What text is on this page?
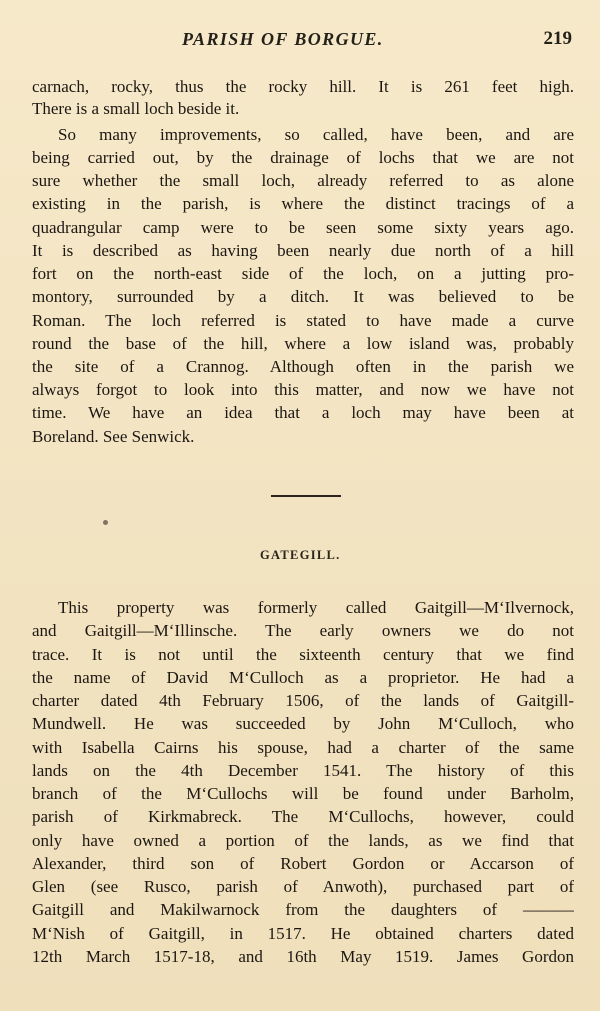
PARISH OF BORGUE.	219
carnach, rocky, thus the rocky hill. It is 261 feet high.
There is a small loch beside it.
So many improvements, so called, have been, and are
being carried out, by the drainage of lochs that we are not
sure whether the small loch, already referred to as alone
existing in the parish, is where the distinct tracings of a
quadrangular camp were to be seen some sixty years ago.
It is described as having been nearly due north of a hill
fort on the north-east side of the loch, on a jutting pro-
montory, surrounded by a ditch. It was believed to be
Roman. The loch referred is stated to have made a curve
round the base of the hill, where a low island was, probably
the site of a Crannog. Although often in the parish we
always forgot to look into this matter, and now we have not
time. We have an idea that a loch may have been at
Boreland. See Senwick.
GATEGILL.
This property was formerly called Gaitgill—M‘Ilvernock,
and Gaitgill—M‘Illinsche. The early owners we do not
trace. It is not until the sixteenth century that we find
the name of David M‘Culloch as a proprietor. He had a
charter dated 4th February 1506, of the lands of Gaitgill-
Mundwell. He was succeeded by John M‘Culloch, who
with Isabella Cairns his spouse, had a charter of the same
lands on the 4th December 1541. The history of this
branch of the M‘Cullochs will be found under Barholm,
parish of Kirkmabreck. The M‘Cullochs, however, could
only have owned a portion of the lands, as we find that
Alexander, third son of Robert Gordon or Accarson of
Glen (see Rusco, parish of Anwoth), purchased part of
Gaitgill and Makilwarnock from the daughters of ———
M‘Nish of Gaitgill, in 1517. He obtained charters dated
12th March 1517-18, and 16th May 1519. James Gordon
